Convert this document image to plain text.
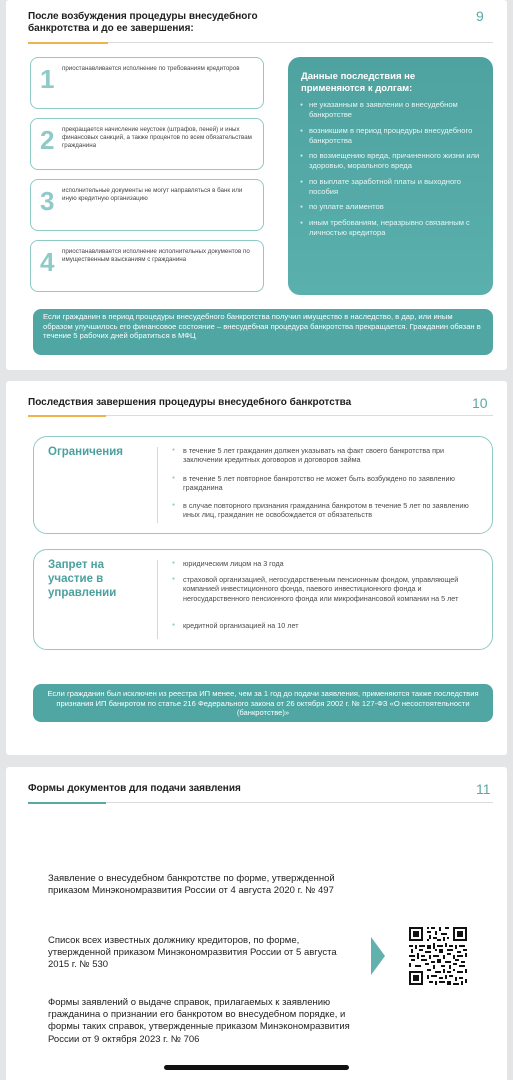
После возбуждения процедуры внесудебного банкротства и до ее завершения:
9
1 приостанавливается исполнение по требованиям кредиторов
2 прекращается начисление неустоек (штрафов, пеней) и иных финансовых санкций, а также процентов по всем обязательствам гражданина
3 исполнительные документы не могут направляться в банк или иную кредитную организацию
4 приостанавливается исполнение исполнительных документов по имущественным взысканиям с гражданина
Данные последствия не применяются к долгам:
● не указанным в заявлении о внесудебном банкротстве
● возникшим в период процедуры внесудебного банкротства
● по возмещению вреда, причиненного жизни или здоровью, морального вреда
● по выплате заработной платы и выходного пособия
● по уплате алиментов
● иным требованиям, неразрывно связанным с личностью кредитора
Если гражданин в период процедуры внесудебного банкротства получил имущество в наследство, в дар, или иным образом улучшилось его финансовое состояние – внесудебная процедура банкротства прекращается. Гражданин обязан в течение 5 рабочих дней обратиться в МФЦ
Последствия завершения процедуры внесудебного банкротства	10
Ограничения
●	в течение 5 лет гражданин должен указывать на факт своего банкротства при заключении кредитных договоров и договоров займа
● в течение 5 лет повторное банкротство не может быть возбуждено по заявлению гражданина
● в случае повторного признания гражданина банкротом в течение 5 лет по заявлению иных лиц, гражданин не освобождается от обязательств
Запрет на участие в управлении
● юридическим лицом на 3 года
● страховой организацией, негосударственным пенсионным фондом, управляющей компанией инвестиционного фонда, паевого инвестиционного фонда и негосударственного пенсионного фонда или микрофинансовой компании на 5 лет
● кредитной организацией на 10 лет
Если гражданин был исключен из реестра ИП менее, чем за 1 год до подачи заявления, применяются также последствия признания ИП банкротом по статье 216 Федерального закона от 26 октября 2002 г. № 127-ФЗ «О несостоятельности (банкротстве)»
Формы документов для подачи заявления	11
Заявление о внесудебном банкротстве по форме, утвержденной приказом Минэкономразвития России от 4 августа 2020 г. № 497
Список всех известных должнику кредиторов, по форме, утвержденной приказом Минэкономразвития России от 5 августа 2015 г. № 530
Формы заявлений о выдаче справок, прилагаемых к заявлению гражданина о признании его банкротом во внесудебном порядке, и формы таких справок, утвержденные приказом Минэкономразвития России от 9 октября 2023 г. № 706
